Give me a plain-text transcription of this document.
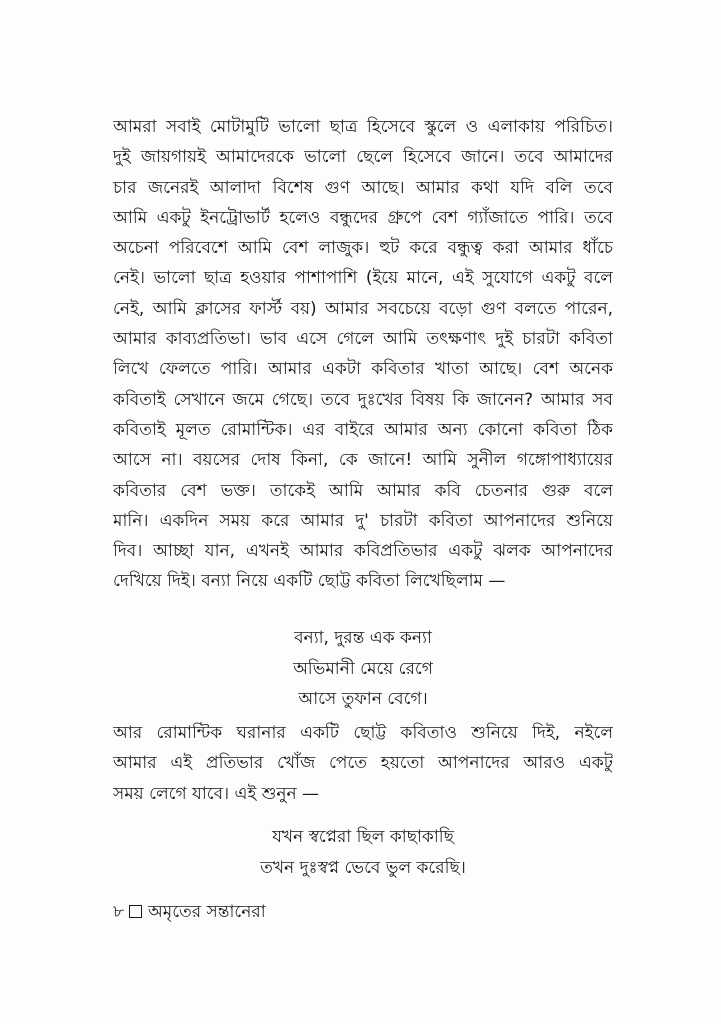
আমরা সবাই মোটামুটি ভালো ছাত্র হিসেবে স্কুলে ও এলাকায় পরিচিত।
দুই জায়গায়ই আমাদেরকে ভালো ছেলে হিসেবে জানে। তবে আমাদের
চার জনেরই আলাদা বিশেষ গুণ আছে। আমার কথা যদি বলি তবে
আমি একটু ইনট্রোভার্ট হলেও বন্ধুদের গ্রুপে বেশ গ্যাঁজাতে পারি। তবে
অচেনা পরিবেশে আমি বেশ লাজুক। হুট করে বন্ধুত্ব করা আমার ধাঁচে
নেই। ভালো ছাত্র হওয়ার পাশাপাশি (ইয়ে মানে, এই সুযোগে একটু বলে
নেই, আমি ক্লাসের ফার্স্ট বয়) আমার সবচেয়ে বড়ো গুণ বলতে পারেন,
আমার কাব্যপ্রতিভা। ভাব এসে গেলে আমি তৎক্ষণাৎ দুই চারটা কবিতা
লিখে ফেলতে পারি। আমার একটা কবিতার খাতা আছে। বেশ অনেক
কবিতাই সেখানে জমে গেছে। তবে দুঃখের বিষয় কি জানেন? আমার সব
কবিতাই মূলত রোমান্টিক। এর বাইরে আমার অন্য কোনো কবিতা ঠিক
আসে না। বয়সের দোষ কিনা, কে জানে! আমি সুনীল গঙ্গোপাধ্যায়ের
কবিতার বেশ ভক্ত। তাকেই আমি আমার কবি চেতনার গুরু বলে
মানি। একদিন সময় করে আমার দু' চারটা কবিতা আপনাদের শুনিয়ে
দিব। আচ্ছা যান, এখনই আমার কবিপ্রতিভার একটু ঝলক আপনাদের
দেখিয়ে দিই। বন্যা নিয়ে একটি ছোট্ট কবিতা লিখেছিলাম —
বন্যা, দুরন্ত এক কন্যা
অভিমানী মেয়ে রেগে
আসে তুফান বেগে।
আর রোমান্টিক ঘরানার একটি ছোট্ট কবিতাও শুনিয়ে দিই, নইলে
আমার এই প্রতিভার খোঁজ পেতে হয়তো আপনাদের আরও একটু
সময় লেগে যাবে। এই শুনুন —
যখন স্বপ্নেরা ছিল কাছাকাছি
তখন দুঃস্বপ্ন ভেবে ভুল করেছি।
৮ অমৃতের সন্তানেরা
